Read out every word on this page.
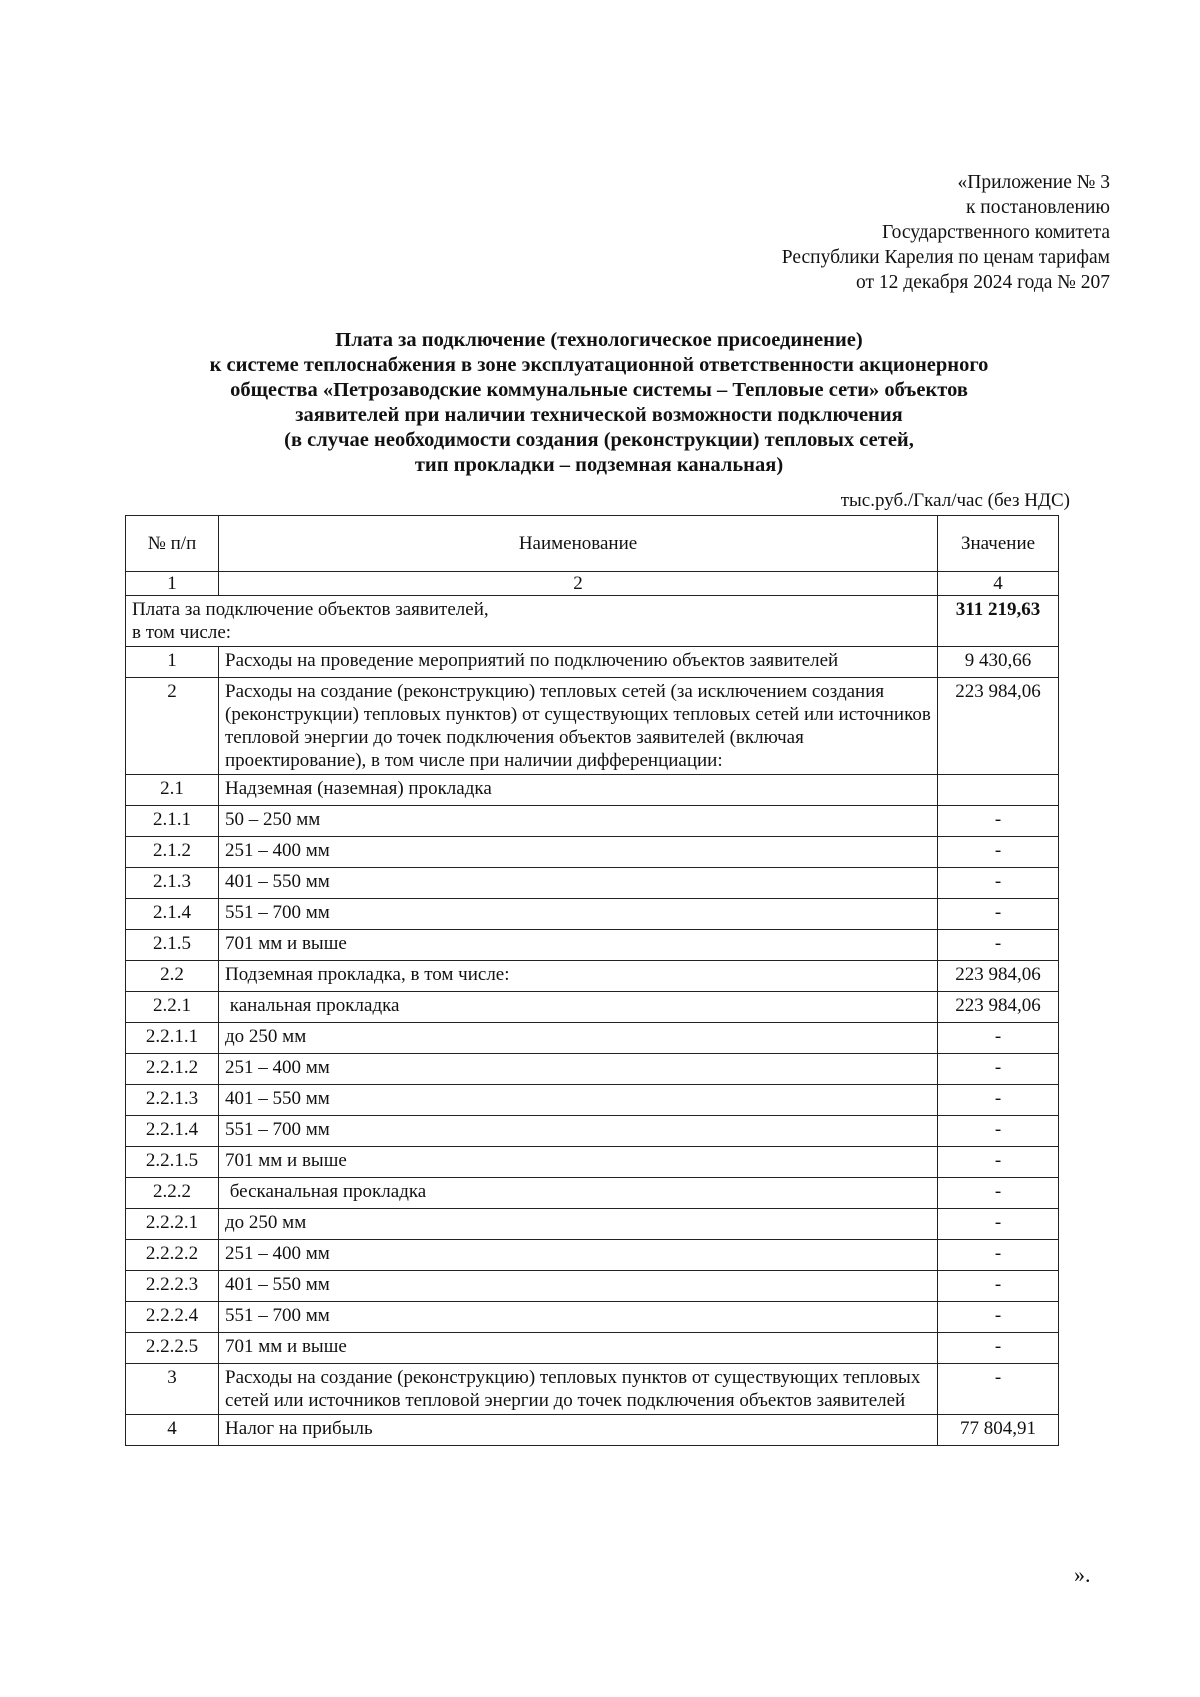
«Приложение № 3
к постановлению
Государственного комитета
Республики Карелия по ценам тарифам
от 12 декабря 2024 года № 207
Плата за подключение (технологическое присоединение)
к системе теплоснабжения в зоне эксплуатационной ответственности акционерного
общества «Петрозаводские коммунальные системы – Тепловые сети» объектов
заявителей при наличии технической возможности подключения
(в случае необходимости создания (реконструкции) тепловых сетей,
тип прокладки – подземная канальная)
тыс.руб./Гкал/час (без НДС)
№ п/п	Наименование	Значение
1	2	4

Плата за подключение объектов заявителей,
в том числе:		311 219,63
1	Расходы на проведение мероприятий по подключению объектов заявителей	9 430,66
2	Расходы на создание (реконструкцию) тепловых сетей (за исключением создания (реконструкции) тепловых пунктов) от существующих тепловых сетей или источников тепловой энергии до точек подключения объектов заявителей (включая проектирование), в том числе при наличии дифференциации:	223 984,06
2.1	Надземная (наземная) прокладка	
2.1.1	50 – 250 мм	-
2.1.2	251 – 400 мм	-
2.1.3	401 – 550 мм	-
2.1.4	551 – 700 мм	-
2.1.5	701 мм и выше	-
2.2	Подземная прокладка, в том числе:	223 984,06
2.2.1	канальная прокладка	223 984,06
2.2.1.1	до 250 мм	-
2.2.1.2	251 – 400 мм	-
2.2.1.3	401 – 550 мм	-
2.2.1.4	551 – 700 мм	-
2.2.1.5	701 мм и выше	-
2.2.2	бесканальная прокладка	-
2.2.2.1	до 250 мм	-
2.2.2.2	251 – 400 мм	-
2.2.2.3	401 – 550 мм	-
2.2.2.4	551 – 700 мм	-
2.2.2.5	701 мм и выше	-
3	Расходы на создание (реконструкцию) тепловых пунктов от существующих тепловых сетей или источников тепловой энергии до точек подключения объектов заявителей	-
4	Налог на прибыль	77 804,91
».
